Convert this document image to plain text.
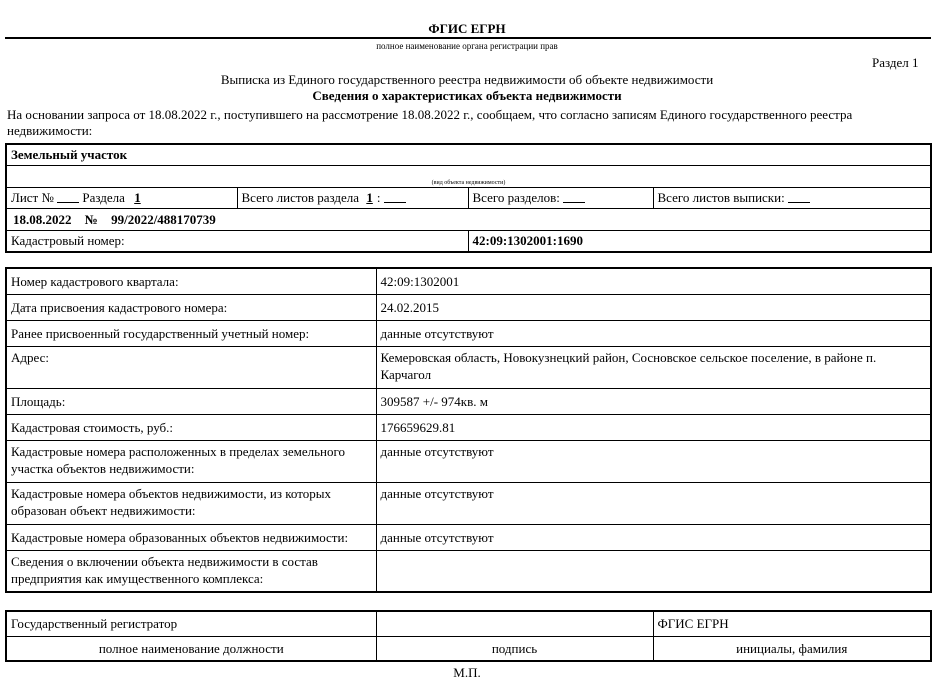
ФГИС ЕГРН
полное наименование органа регистрации прав
Раздел 1
Выписка из Единого государственного реестра недвижимости об объекте недвижимости
Сведения о характеристиках объекта недвижимости
На основании запроса от 18.08.2022 г., поступившего на рассмотрение 18.08.2022 г., сообщаем, что согласно записям Единого государственного реестра
недвижимости:
Земельный участок			
(вид объекта недвижимости)			
Лист № Раздела 1	Всего листов раздела 1 :	Всего разделов:	Всего листов выписки:
18.08.2022 № 99/2022/488170739			
Кадастровый номер:		42:09:1302001:1690	
Номер кадастрового квартала:	42:09:1302001
Дата присвоения кадастрового номера:	24.02.2015
Ранее присвоенный государственный учетный номер:	данные отсутствуют
Адрес:	Кемеровская область, Новокузнецкий район, Сосновское сельское поселение, в районе п. Карчагол
Площадь:	309587 +/- 974кв. м
Кадастровая стоимость, руб.:	176659629.81
Кадастровые номера расположенных в пределах земельного участка объектов недвижимости:	данные отсутствуют
Кадастровые номера объектов недвижимости, из которых образован объект недвижимости:	данные отсутствуют
Кадастровые номера образованных объектов недвижимости:	данные отсутствуют
Сведения о включении объекта недвижимости в состав предприятия как имущественного комплекса:	
Государственный регистратор		ФГИС ЕГРН
полное наименование должности	подпись	инициалы, фамилия
М.П.
